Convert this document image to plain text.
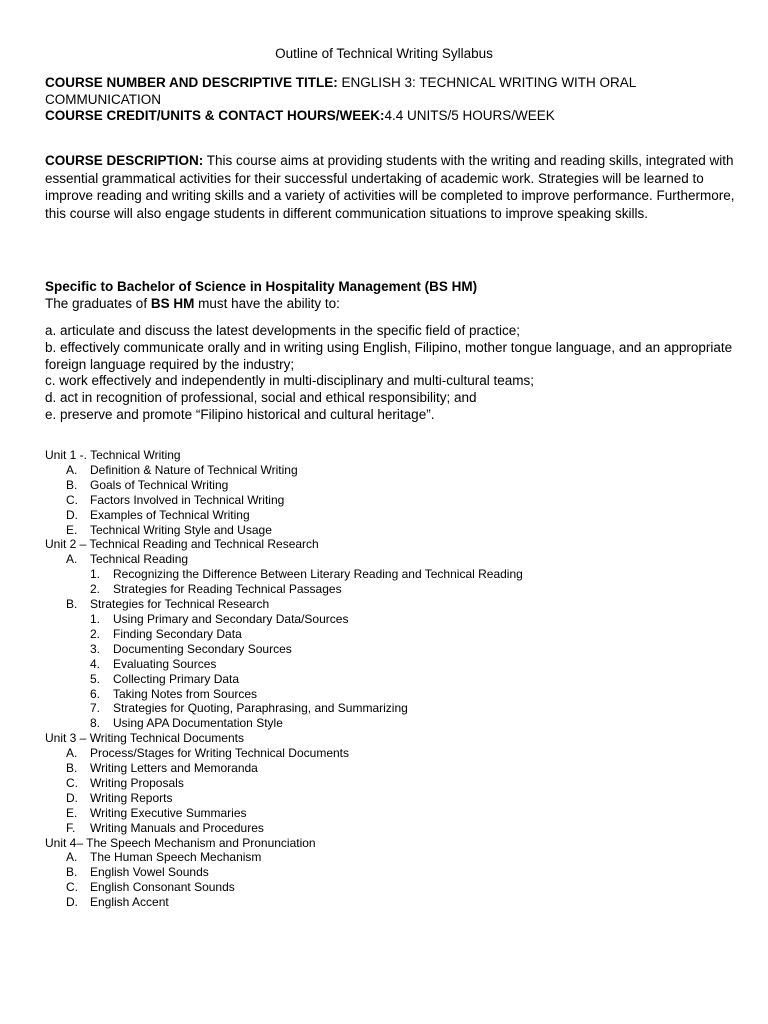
Outline of Technical Writing Syllabus
COURSE NUMBER AND DESCRIPTIVE TITLE: ENGLISH 3: TECHNICAL WRITING WITH ORAL COMMUNICATION
COURSE CREDIT/UNITS & CONTACT HOURS/WEEK:4.4 UNITS/5 HOURS/WEEK
COURSE DESCRIPTION: This course aims at providing students with the writing and reading skills, integrated with essential grammatical activities for their successful undertaking of academic work. Strategies will be learned to improve reading and writing skills and a variety of activities will be completed to improve performance. Furthermore, this course will also engage students in different communication situations to improve speaking skills.
Specific to Bachelor of Science in Hospitality Management (BS HM)
The graduates of BS HM must have the ability to:
a. articulate and discuss the latest developments in the specific field of practice;
b. effectively communicate orally and in writing using English, Filipino, mother tongue language, and an appropriate foreign language required by the industry;
c. work effectively and independently in multi-disciplinary and multi-cultural teams;
d. act in recognition of professional, social and ethical responsibility; and
e. preserve and promote “Filipino historical and cultural heritage”.
Unit 1 -. Technical Writing
A. Definition & Nature of Technical Writing
B. Goals of Technical Writing
C. Factors Involved in Technical Writing
D. Examples of Technical Writing
E. Technical Writing Style and Usage
Unit 2 – Technical Reading and Technical Research
A. Technical Reading
1. Recognizing the Difference Between Literary Reading and Technical Reading
2. Strategies for Reading Technical Passages
B. Strategies for Technical Research
1. Using Primary and Secondary Data/Sources
2. Finding Secondary Data
3. Documenting Secondary Sources
4. Evaluating Sources
5. Collecting Primary Data
6. Taking Notes from Sources
7. Strategies for Quoting, Paraphrasing, and Summarizing
8. Using APA Documentation Style
Unit 3 – Writing Technical Documents
A. Process/Stages for Writing Technical Documents
B. Writing Letters and Memoranda
C. Writing Proposals
D. Writing Reports
E. Writing Executive Summaries
F. Writing Manuals and Procedures
Unit 4– The Speech Mechanism and Pronunciation
A. The Human Speech Mechanism
B. English Vowel Sounds
C. English Consonant Sounds
D. English Accent
